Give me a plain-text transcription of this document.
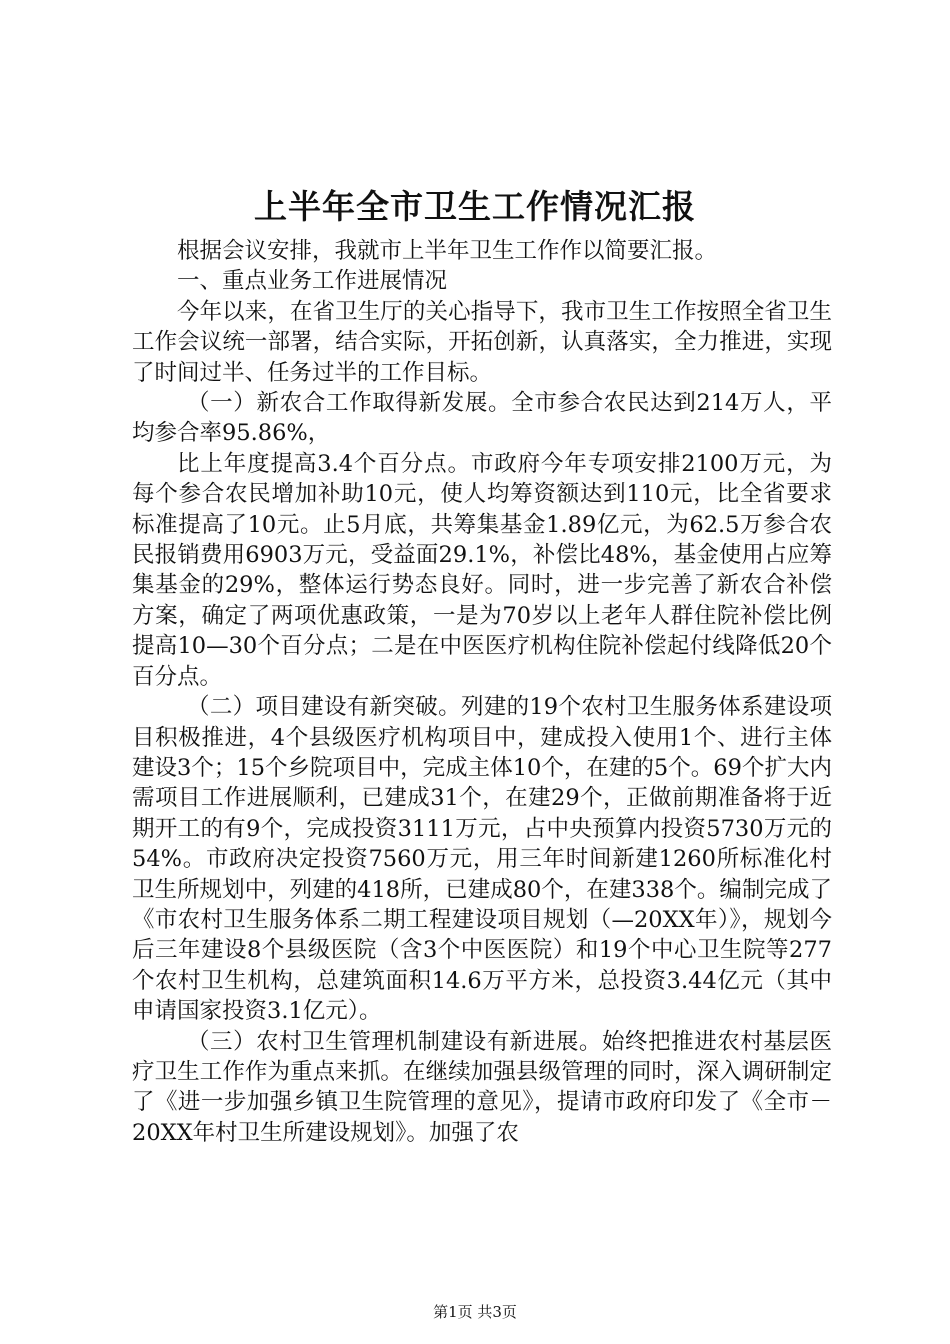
上半年全市卫生工作情况汇报

根据会议安排，我就市上半年卫生工作作以简要汇报。

一、重点业务工作进展情况

今年以来，在省卫生厅的关心指导下，我市卫生工作按照全省卫生工作会议统一部署，结合实际，开拓创新，认真落实，全力推进，实现了时间过半、任务过半的工作目标。

（一）新农合工作取得新发展。全市参合农民达到214万人，平均参合率95.86%，

比上年度提高3.4个百分点。市政府今年专项安排2100万元，为每个参合农民增加补助10元，使人均筹资额达到110元，比全省要求标准提高了10元。止5月底，共筹集基金1.89亿元，为62.5万参合农民报销费用6903万元，受益面29.1%，补偿比48%，基金使用占应筹集基金的29%，整体运行势态良好。同时，进一步完善了新农合补偿方案，确定了两项优惠政策，一是为70岁以上老年人群住院补偿比例提高10—30个百分点；二是在中医医疗机构住院补偿起付线降低20个百分点。

（二）项目建设有新突破。列建的19个农村卫生服务体系建设项目积极推进，4个县级医疗机构项目中，建成投入使用1个、进行主体建设3个；15个乡院项目中，完成主体10个，在建的5个。69个扩大内需项目工作进展顺利，已建成31个，在建29个，正做前期准备将于近期开工的有9个，完成投资3111万元，占中央预算内投资5730万元的54%。市政府决定投资7560万元，用三年时间新建1260所标准化村卫生所规划中，列建的418所，已建成80个，在建338个。编制完成了《市农村卫生服务体系二期工程建设项目规划（—20XX年）》，规划今后三年建设8个县级医院（含3个中医医院）和19个中心卫生院等277个农村卫生机构，总建筑面积14.6万平方米，总投资3.44亿元（其中申请国家投资3.1亿元）。

（三）农村卫生管理机制建设有新进展。始终把推进农村基层医疗卫生工作作为重点来抓。在继续加强县级管理的同时，深入调研制定了《进一步加强乡镇卫生院管理的意见》，提请市政府印发了《全市－20XX年村卫生所建设规划》。加强了农

第1页 共3页
